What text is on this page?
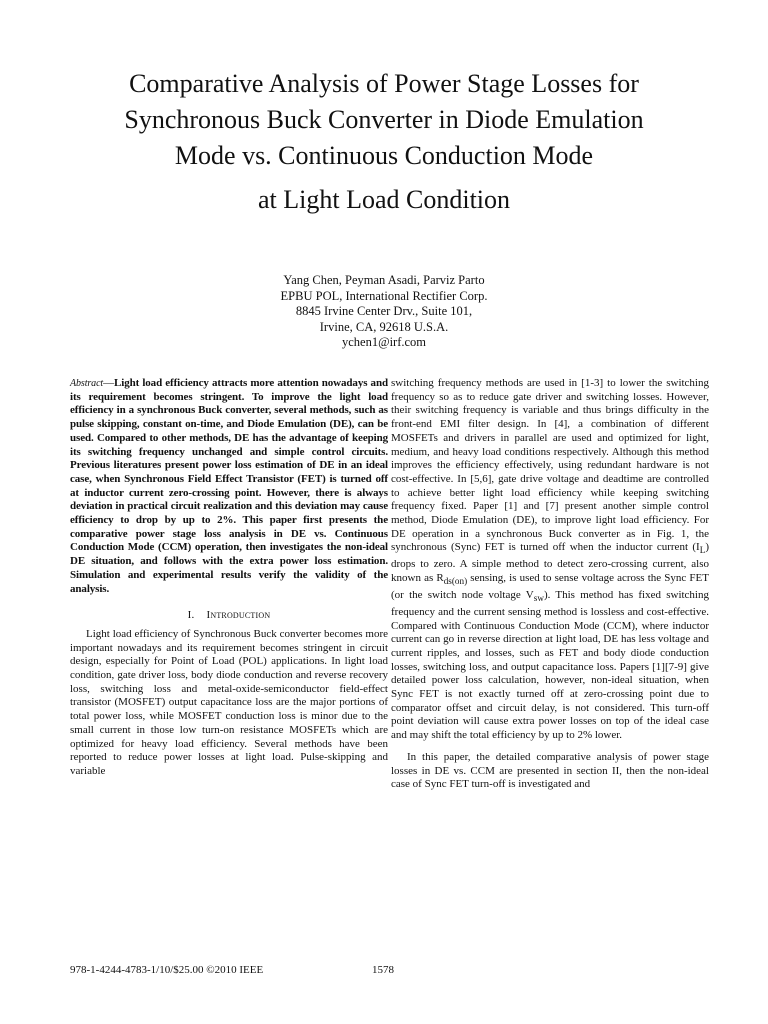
Comparative Analysis of Power Stage Losses for
Synchronous Buck Converter in Diode Emulation
Mode vs. Continuous Conduction Mode
at Light Load Condition
Yang Chen, Peyman Asadi, Parviz Parto
EPBU POL, International Rectifier Corp.
8845 Irvine Center Drv., Suite 101,
Irvine, CA, 92618 U.S.A.
ychen1@irf.com

Abstract—Light load efficiency attracts more attention nowadays and its requirement becomes stringent. To improve the light load efficiency in a synchronous Buck converter, several methods, such as pulse skipping, constant on-time, and Diode Emulation (DE), can be used. Compared to other methods, DE has the advantage of keeping its switching frequency unchanged and simple control circuits. Previous literatures present power loss estimation of DE in an ideal case, when Synchronous Field Effect Transistor (FET) is turned off at inductor current zero-crossing point. However, there is always deviation in practical circuit realization and this deviation may cause efficiency to drop by up to 2%. This paper first presents the comparative power stage loss analysis in DE vs. Continuous Conduction Mode (CCM) operation, then investigates the non-ideal DE situation, and follows with the extra power loss estimation. Simulation and experimental results verify the validity of the analysis.

I. Introduction

Light load efficiency of Synchronous Buck converter becomes more important nowadays and its requirement becomes stringent in circuit design, especially for Point of Load (POL) applications. In light load condition, gate driver loss, body diode conduction and reverse recovery loss, switching loss and metal-oxide-semiconductor field-effect transistor (MOSFET) output capacitance loss are the major portions of total power loss, while MOSFET conduction loss is minor due to the small current in those low turn-on resistance MOSFETs which are optimized for heavy load efficiency. Several methods have been reported to reduce power losses at light load. Pulse-skipping and variable

switching frequency methods are used in [1-3] to lower the switching frequency so as to reduce gate driver and switching losses. However, their switching frequency is variable and thus brings difficulty in the front-end EMI filter design. In [4], a combination of different MOSFETs and drivers in parallel are used and optimized for light, medium, and heavy load conditions respectively. Although this method improves the efficiency effectively, using redundant hardware is not cost-effective. In [5,6], gate drive voltage and deadtime are controlled to achieve better light load efficiency while keeping switching frequency fixed. Paper [1] and [7] present another simple control method, Diode Emulation (DE), to improve light load efficiency. For DE operation in a synchronous Buck converter as in Fig. 1, the synchronous (Sync) FET is turned off when the inductor current $(I_L)$ drops to zero. A simple method to detect zero-crossing current, also known as $R_{ds(on)}$ sensing, is used to sense voltage across the Sync FET (or the switch node voltage $V_{sw}$). This method has fixed switching frequency and the current sensing method is lossless and cost-effective. Compared with Continuous Conduction Mode (CCM), where inductor current can go in reverse direction at light load, DE has less voltage and current ripples, and losses, such as FET and body diode conduction losses, switching loss, and output capacitance loss. Papers [1][7-9] give detailed power loss calculation, however, non-ideal situation, when Sync FET is not exactly turned off at zero-crossing point due to comparator offset and circuit delay, is not considered. This turn-off point deviation will cause extra power losses on top of the ideal case and may shift the total efficiency by up to 2% lower.

In this paper, the detailed comparative analysis of power stage losses in DE vs. CCM are presented in section II, then the non-ideal case of Sync FET turn-off is investigated and

978-1-4244-4783-1/10/$25.00 ©2010 IEEE	1578
